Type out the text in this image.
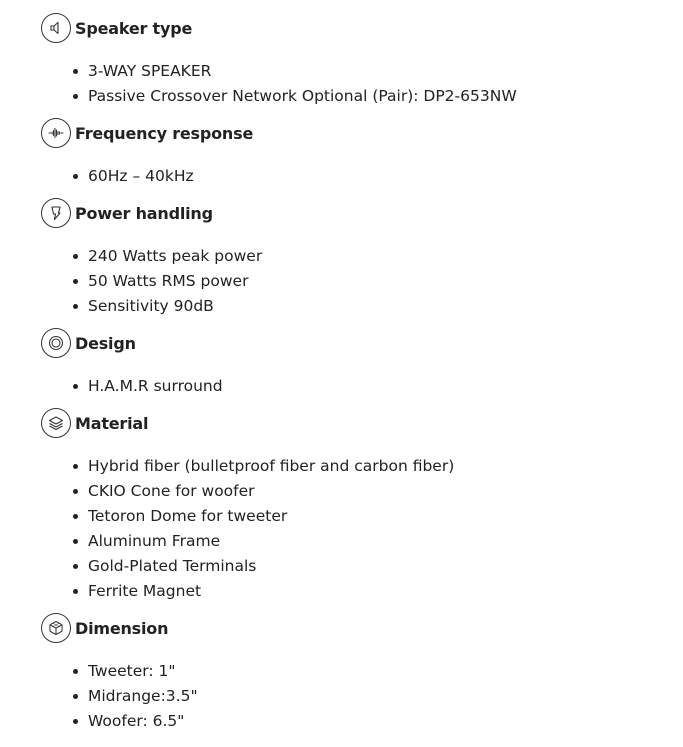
Speaker type
3-WAY SPEAKER
Passive Crossover Network Optional (Pair): DP2-653NW
Frequency response
60Hz – 40kHz
Power handling
240 Watts peak power
50 Watts RMS power
Sensitivity 90dB
Design
H.A.M.R surround
Material
Hybrid fiber (bulletproof fiber and carbon fiber)
CKIO Cone for woofer
Tetoron Dome for tweeter
Aluminum Frame
Gold-Plated Terminals
Ferrite Magnet
Dimension
Tweeter: 1"
Midrange:3.5"
Woofer: 6.5"
